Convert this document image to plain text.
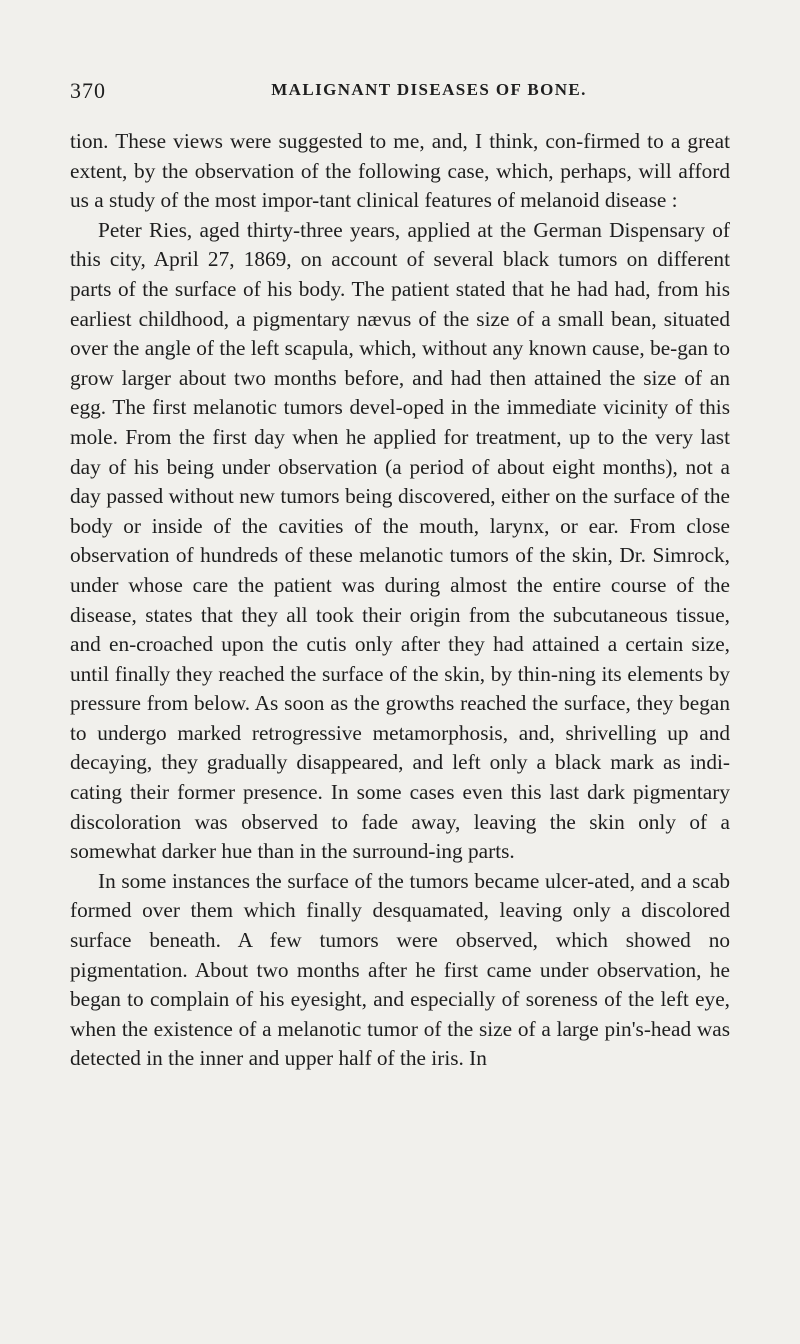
370	MALIGNANT DISEASES OF BONE.

tion. These views were suggested to me, and, I think, con-firmed to a great extent, by the observation of the following case, which, perhaps, will afford us a study of the most impor-tant clinical features of melanoid disease :

Peter Ries, aged thirty-three years, applied at the German Dispensary of this city, April 27, 1869, on account of several black tumors on different parts of the surface of his body. The patient stated that he had had, from his earliest childhood, a pigmentary nævus of the size of a small bean, situated over the angle of the left scapula, which, without any known cause, be-gan to grow larger about two months before, and had then attained the size of an egg. The first melanotic tumors devel-oped in the immediate vicinity of this mole. From the first day when he applied for treatment, up to the very last day of his being under observation (a period of about eight months), not a day passed without new tumors being discovered, either on the surface of the body or inside of the cavities of the mouth, larynx, or ear. From close observation of hundreds of these melanotic tumors of the skin, Dr. Simrock, under whose care the patient was during almost the entire course of the disease, states that they all took their origin from the subcutaneous tissue, and en-croached upon the cutis only after they had attained a certain size, until finally they reached the surface of the skin, by thin-ning its elements by pressure from below. As soon as the growths reached the surface, they began to undergo marked retrogressive metamorphosis, and, shrivelling up and decaying, they gradually disappeared, and left only a black mark as indi-cating their former presence. In some cases even this last dark pigmentary discoloration was observed to fade away, leaving the skin only of a somewhat darker hue than in the surround-ing parts.

In some instances the surface of the tumors became ulcer-ated, and a scab formed over them which finally desquamated, leaving only a discolored surface beneath. A few tumors were observed, which showed no pigmentation. About two months after he first came under observation, he began to complain of his eyesight, and especially of soreness of the left eye, when the existence of a melanotic tumor of the size of a large pin's-head was detected in the inner and upper half of the iris. In
